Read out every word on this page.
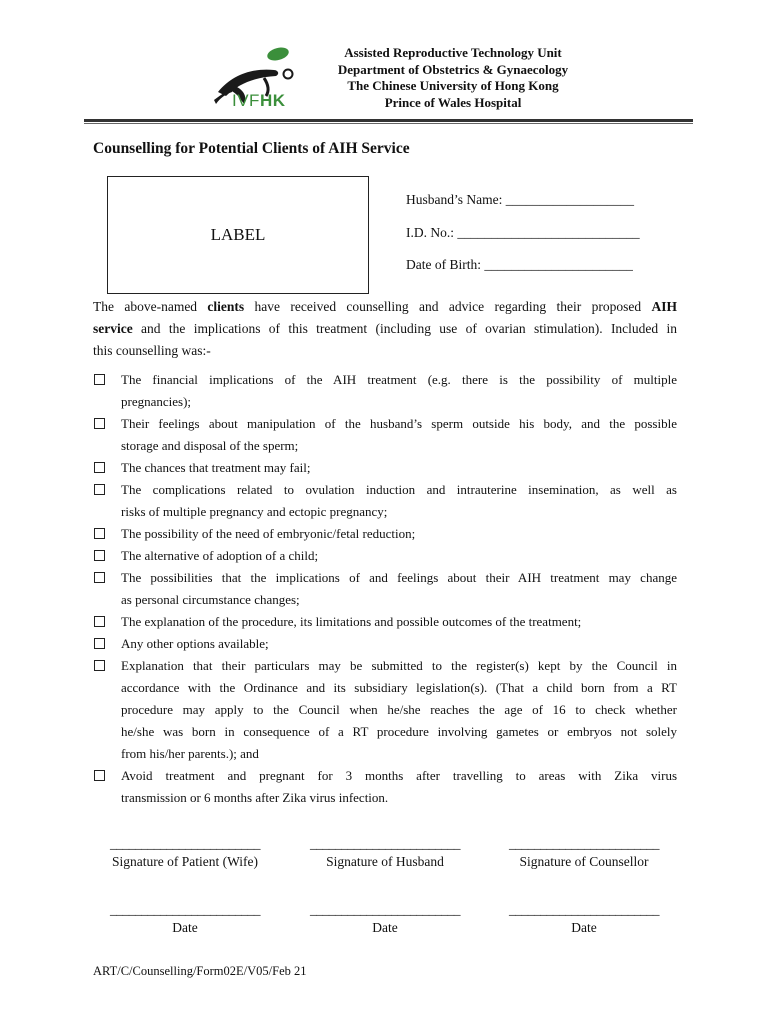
IVFHK
Assisted Reproductive Technology Unit
Department of Obstetrics & Gynaecology
The Chinese University of Hong Kong
Prince of Wales Hospital
Counselling for Potential Clients of AIH Service
LABEL
Husband’s Name: ___________________
I.D. No.: ___________________________
Date of Birth: ______________________
The above-named clients have received counselling and advice regarding their proposed AIH
service and the implications of this treatment (including use of ovarian stimulation). Included in
this counselling was:-
The financial implications of the AIH treatment (e.g. there is the possibility of multiple
pregnancies);
Their feelings about manipulation of the husband’s sperm outside his body, and the possible
storage and disposal of the sperm;
The chances that treatment may fail;
The complications related to ovulation induction and intrauterine insemination, as well as
risks of multiple pregnancy and ectopic pregnancy;
The possibility of the need of embryonic/fetal reduction;
The alternative of adoption of a child;
The possibilities that the implications of and feelings about their AIH treatment may change
as personal circumstance changes;
The explanation of the procedure, its limitations and possible outcomes of the treatment;
Any other options available;
Explanation that their particulars may be submitted to the register(s) kept by the Council in
accordance with the Ordinance and its subsidiary legislation(s). (That a child born from a RT
procedure may apply to the Council when he/she reaches the age of 16 to check whether
he/she was born in consequence of a RT procedure involving gametes or embryos not solely
from his/her parents.); and
Avoid treatment and pregnant for 3 months after travelling to areas with Zika virus
transmission or 6 months after Zika virus infection.
________________________
Signature of Patient (Wife)
________________________
Signature of Husband
________________________
Signature of Counsellor
________________________
Date
________________________
Date
________________________
Date
ART/C/Counselling/Form02E/V05/Feb 21
